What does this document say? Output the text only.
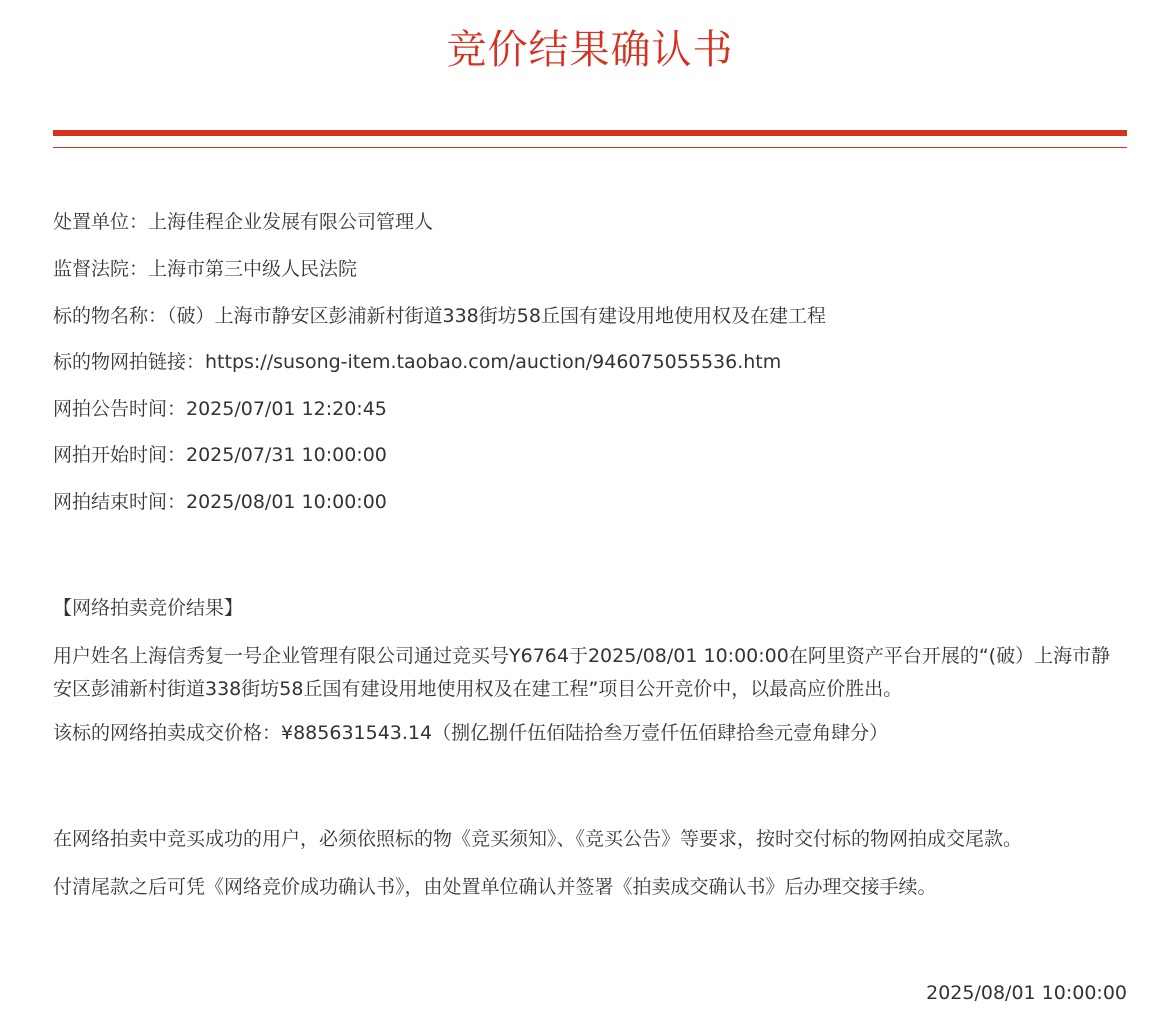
竞价结果确认书
处置单位：上海佳程企业发展有限公司管理人
监督法院：上海市第三中级人民法院
标的物名称：（破）上海市静安区彭浦新村街道338街坊58丘国有建设用地使用权及在建工程
标的物网拍链接：https://susong-item.taobao.com/auction/946075055536.htm
网拍公告时间：2025/07/01 12:20:45
网拍开始时间：2025/07/31 10:00:00
网拍结束时间：2025/08/01 10:00:00
【网络拍卖竞价结果】
用户姓名上海信秀复一号企业管理有限公司通过竞买号Y6764于2025/08/01 10:00:00在阿里资产平台开展的“(破）上海市静安区彭浦新村街道338街坊58丘国有建设用地使用权及在建工程”项目公开竞价中，以最高应价胜出。
该标的网络拍卖成交价格：¥885631543.14（捌亿捌仟伍佰陆拾叁万壹仟伍佰肆拾叁元壹角肆分）
在网络拍卖中竞买成功的用户，必须依照标的物《竞买须知》、《竞买公告》等要求，按时交付标的物网拍成交尾款。
付清尾款之后可凭《网络竞价成功确认书》，由处置单位确认并签署《拍卖成交确认书》后办理交接手续。
2025/08/01 10:00:00
